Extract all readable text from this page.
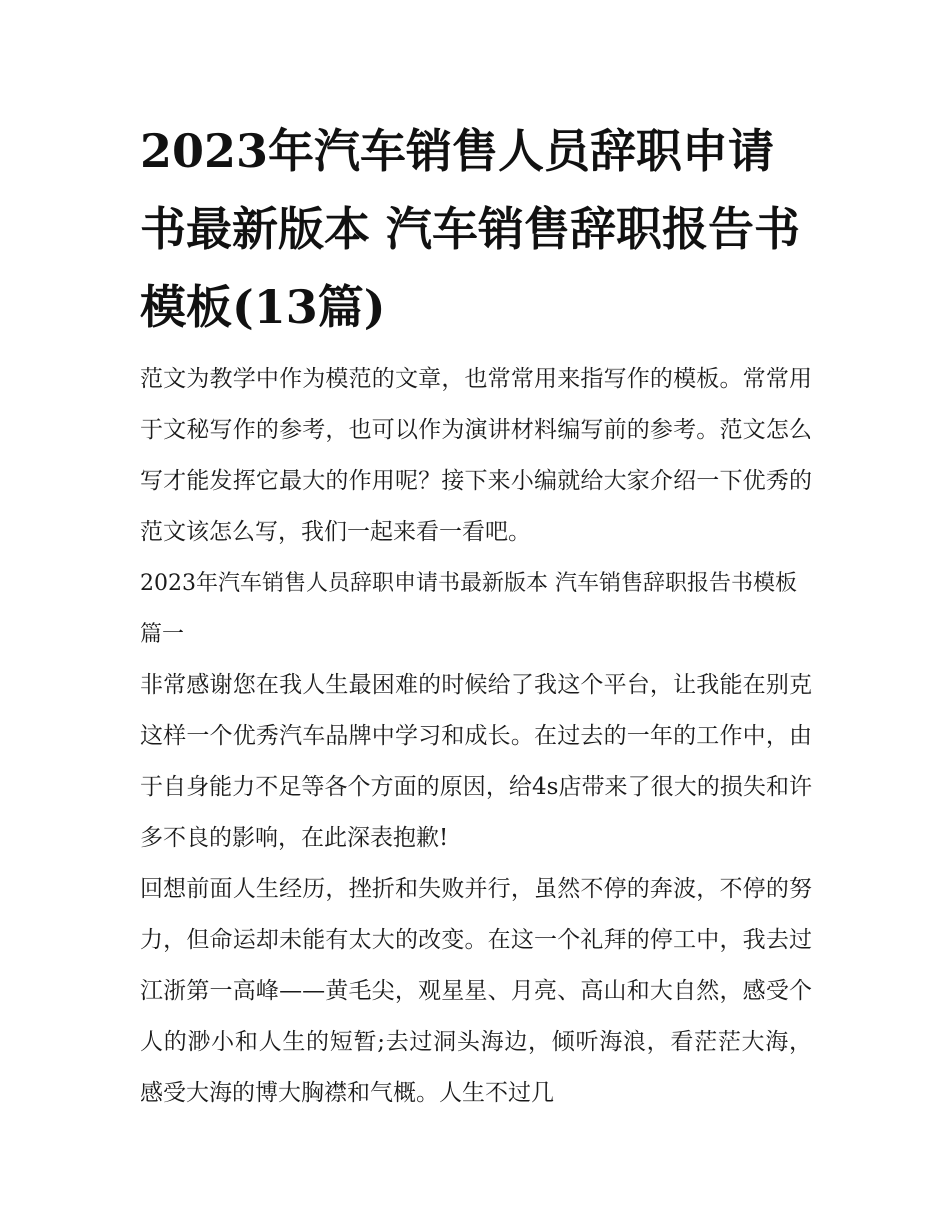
2023年汽车销售人员辞职申请书最新版本 汽车销售辞职报告书模板(13篇)

范文为教学中作为模范的文章，也常常用来指写作的模板。常常用于文秘写作的参考，也可以作为演讲材料编写前的参考。范文怎么写才能发挥它最大的作用呢？接下来小编就给大家介绍一下优秀的范文该怎么写，我们一起来看一看吧。

2023年汽车销售人员辞职申请书最新版本 汽车销售辞职报告书模板篇一

非常感谢您在我人生最困难的时候给了我这个平台，让我能在别克这样一个优秀汽车品牌中学习和成长。在过去的一年的工作中，由于自身能力不足等各个方面的原因，给4s店带来了很大的损失和许多不良的影响，在此深表抱歉!

回想前面人生经历，挫折和失败并行，虽然不停的奔波，不停的努力，但命运却未能有太大的改变。在这一个礼拜的停工中，我去过江浙第一高峰——黄毛尖，观星星、月亮、高山和大自然，感受个人的渺小和人生的短暂;去过洞头海边，倾听海浪，看茫茫大海，感受大海的博大胸襟和气概。人生不过几
